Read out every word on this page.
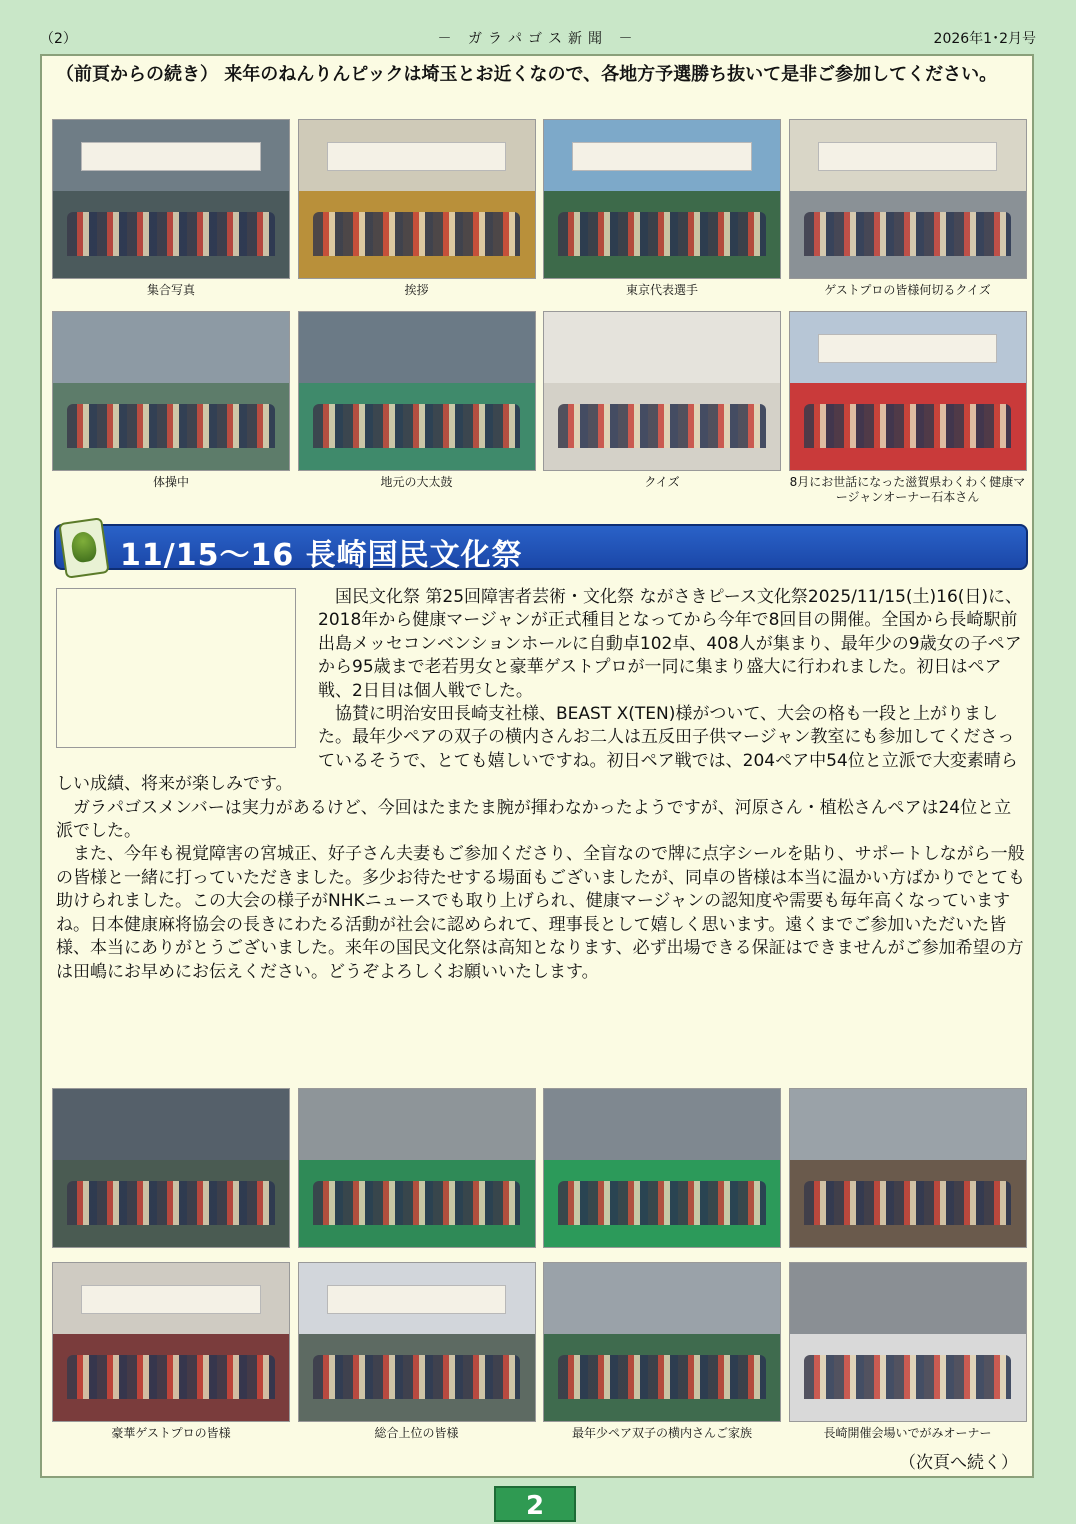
（2）	－ ガラパゴス新聞 －	2026年1･2月号
（前頁からの続き） 来年のねんりんピックは埼玉とお近くなので、各地方予選勝ち抜いて是非ご参加してください。
集合写真	挨拶	東京代表選手	ゲストプロの皆様何切るクイズ
体操中	地元の大太鼓	クイズ	8月にお世話になった滋賀県わくわく健康マージャンオーナー石本さん
11/15～16 長崎国民文化祭

国民文化祭 第25回障害者芸術・文化祭 ながさきピース文化祭2025/11/15(土)16(日)に、2018年から健康マージャンが正式種目となってから今年で8回目の開催。全国から長崎駅前出島メッセコンベンションホールに自動卓102卓、408人が集まり、最年少の9歳女の子ペアから95歳まで老若男女と豪華ゲストプロが一同に集まり盛大に行われました。初日はペア戦、2日目は個人戦でした。

協賛に明治安田長崎支社様、BEAST X(TEN)様がついて、大会の格も一段と上がりました。最年少ペアの双子の横内さんお二人は五反田子供マージャン教室にも参加してくださっているそうで、とても嬉しいですね。初日ペア戦では、204ペア中54位と立派で大変素晴らしい成績、将来が楽しみです。

ガラパゴスメンバーは実力があるけど、今回はたまたま腕が揮わなかったようですが、河原さん・植松さんペアは24位と立派でした。

また、今年も視覚障害の宮城正、好子さん夫妻もご参加くださり、全盲なので牌に点字シールを貼り、サポートしながら一般の皆様と一緒に打っていただきました。多少お待たせする場面もございましたが、同卓の皆様は本当に温かい方ばかりでとても助けられました。この大会の様子がNHKニュースでも取り上げられ、健康マージャンの認知度や需要も毎年高くなっていますね。日本健康麻将協会の長きにわたる活動が社会に認められて、理事長として嬉しく思います。遠くまでご参加いただいた皆様、本当にありがとうございました。来年の国民文化祭は高知となります、必ず出場できる保証はできませんがご参加希望の方は田嶋にお早めにお伝えください。どうぞよろしくお願いいたします。

豪華ゲストプロの皆様	総合上位の皆様	最年少ペア双子の横内さんご家族	長崎開催会場いでがみオーナー
（次頁へ続く）
2
